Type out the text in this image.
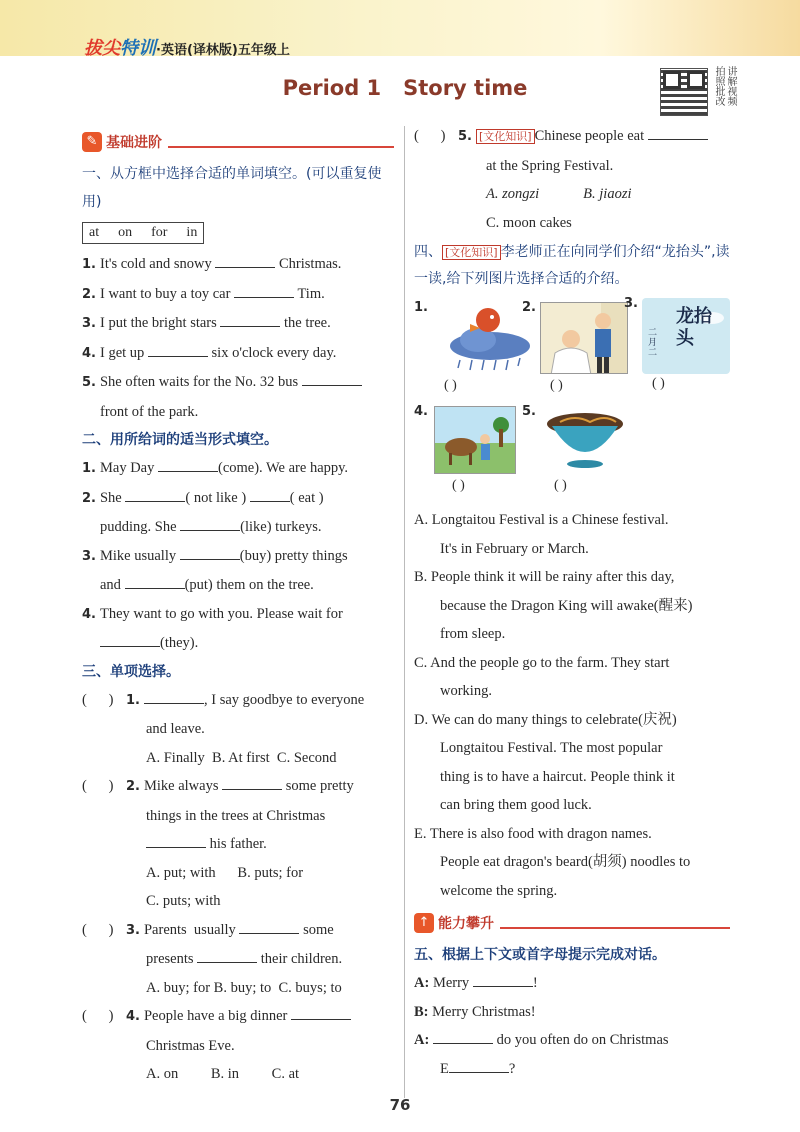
拔尖特训·英语(译林版)五年级上
Period 1   Story time	讲解视频 拍照批改
✎ 基础进阶
一、从方框中选择合适的单词填空。(可以重复使用)
at  on  for  in
1. It's cold and snowy	Christmas.
2. I want to buy a toy car	Tim.
3. I put the bright stars	the tree.
4. I get up	six o'clock every day.
5. She often waits for the No. 32 bus
front of the park.
二、用所给词的适当形式填空。
1. May Day	(come). We are happy.
2. She	( not like )	( eat )
pudding. She	(like) turkeys.
3. Mike usually	(buy) pretty things
and	(put) them on the tree.
4. They want to go with you. Please wait for
(they).
三、单项选择。
(      ) 1.	, I say goodbye to everyone
and leave.
A. Finally  B. At first  C. Second
(      ) 2. Mike always	some pretty
things in the trees at Christmas
his father.
A. put; with      B. puts; for
C. puts; with
(      ) 3. Parents  usually	some
presents	their children.
A. buy; for B. buy; to  C. buys; to
(      ) 4. People have a big dinner
Christmas Eve.
A. on         B. in         C. at
(      ) 5. [文化知识] Chinese people eat
at the Spring Festival.
A. zongzi	B. jiaozi
C. moon cakes
四、 [文化知识] 李老师正在向同学们介绍“龙抬头”,读一读,给下列图片选择合适的介绍。
1.
( )
2.
( )
3.
龙抬头
二月二
( )
4.	5.
( )	( )
A. Longtaitou Festival is a Chinese festival.
It's in February or March.
B. People think it will be rainy after this day,
because the Dragon King will awake(醒来)
from sleep.
C. And the people go to the farm. They start
working.
D. We can do many things to celebrate(庆祝)
Longtaitou Festival. The most popular
thing is to have a haircut. People think it
can bring them good luck.
E. There is also food with dragon names.
People eat dragon's beard(胡须) noodles to
welcome the spring.
↑ 能力攀升
五、根据上下文或首字母提示完成对话。
A: Merry	!
B: Merry Christmas!
A:	do you often do on Christmas
E	?
76
